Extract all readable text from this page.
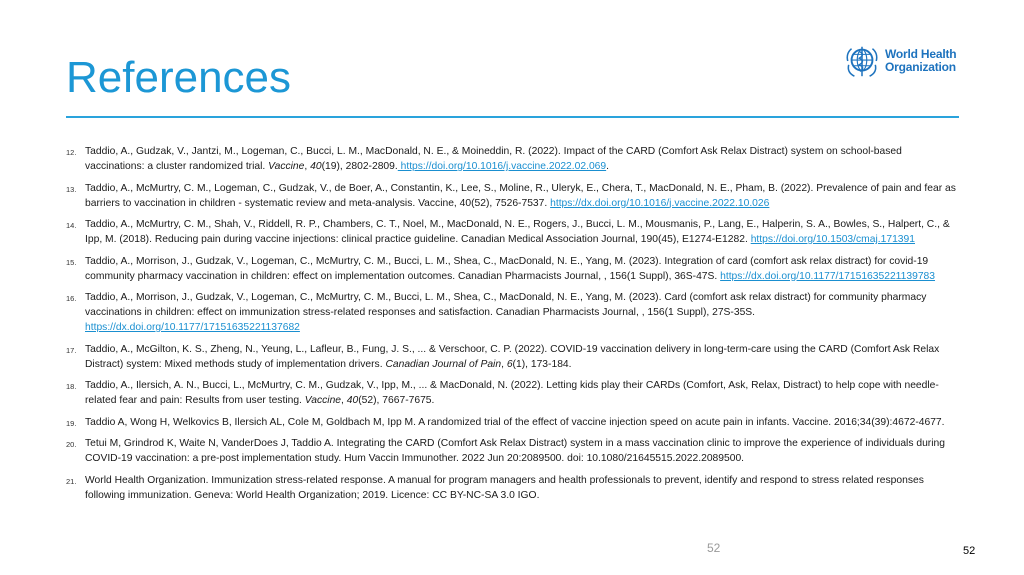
References	World Health
Organization
12. Taddio, A., Gudzak, V., Jantzi, M., Logeman, C., Bucci, L. M., MacDonald, N. E., & Moineddin, R. (2022). Impact of the CARD (Comfort Ask Relax Distract) system on school-based vaccinations: a cluster randomized trial. Vaccine, 40(19), 2802-2809. https://doi.org/10.1016/j.vaccine.2022.02.069.
13. Taddio, A., McMurtry, C. M., Logeman, C., Gudzak, V., de Boer, A., Constantin, K., Lee, S., Moline, R., Uleryk, E., Chera, T., MacDonald, N. E., Pham, B. (2022). Prevalence of pain and fear as barriers to vaccination in children - systematic review and meta-analysis. Vaccine, 40(52), 7526-7537. https://dx.doi.org/10.1016/j.vaccine.2022.10.026
14. Taddio, A., McMurtry, C. M., Shah, V., Riddell, R. P., Chambers, C. T., Noel, M., MacDonald, N. E., Rogers, J., Bucci, L. M., Mousmanis, P., Lang, E., Halperin, S. A., Bowles, S., Halpert, C., & Ipp, M. (2018). Reducing pain during vaccine injections: clinical practice guideline. Canadian Medical Association Journal, 190(45), E1274-E1282. https://doi.org/10.1503/cmaj.171391
15. Taddio, A., Morrison, J., Gudzak, V., Logeman, C., McMurtry, C. M., Bucci, L. M., Shea, C., MacDonald, N. E., Yang, M. (2023). Integration of card (comfort ask relax distract) for covid-19 community pharmacy vaccination in children: effect on implementation outcomes. Canadian Pharmacists Journal, , 156(1 Suppl), 36S-47S. https://dx.doi.org/10.1177/17151635221139783
16. Taddio, A., Morrison, J., Gudzak, V., Logeman, C., McMurtry, C. M., Bucci, L. M., Shea, C., MacDonald, N. E., Yang, M. (2023). Card (comfort ask relax distract) for community pharmacy vaccinations in children: effect on immunization stress-related responses and satisfaction. Canadian Pharmacists Journal, , 156(1 Suppl), 27S-35S. https://dx.doi.org/10.1177/17151635221137682
17. Taddio, A., McGilton, K. S., Zheng, N., Yeung, L., Lafleur, B., Fung, J. S., ... & Verschoor, C. P. (2022). COVID-19 vaccination delivery in long-term-care using the CARD (Comfort Ask Relax Distract) system: Mixed methods study of implementation drivers. Canadian Journal of Pain, 6(1), 173-184.
18. Taddio, A., Ilersich, A. N., Bucci, L., McMurtry, C. M., Gudzak, V., Ipp, M., ... & MacDonald, N. (2022). Letting kids play their CARDs (Comfort, Ask, Relax, Distract) to help cope with needle-related fear and pain: Results from user testing. Vaccine, 40(52), 7667-7675.
19. Taddio A, Wong H, Welkovics B, Ilersich AL, Cole M, Goldbach M, Ipp M. A randomized trial of the effect of vaccine injection speed on acute pain in infants. Vaccine. 2016;34(39):4672-4677.
20. Tetui M, Grindrod K, Waite N, VanderDoes J, Taddio A. Integrating the CARD (Comfort Ask Relax Distract) system in a mass vaccination clinic to improve the experience of individuals during COVID-19 vaccination: a pre-post implementation study. Hum Vaccin Immunother. 2022 Jun 20:2089500. doi: 10.1080/21645515.2022.2089500.
21. World Health Organization. Immunization stress-related response. A manual for program managers and health professionals to prevent, identify and respond to stress related responses following immunization. Geneva: World Health Organization; 2019. Licence: CC BY-NC-SA 3.0 IGO.
52	52
